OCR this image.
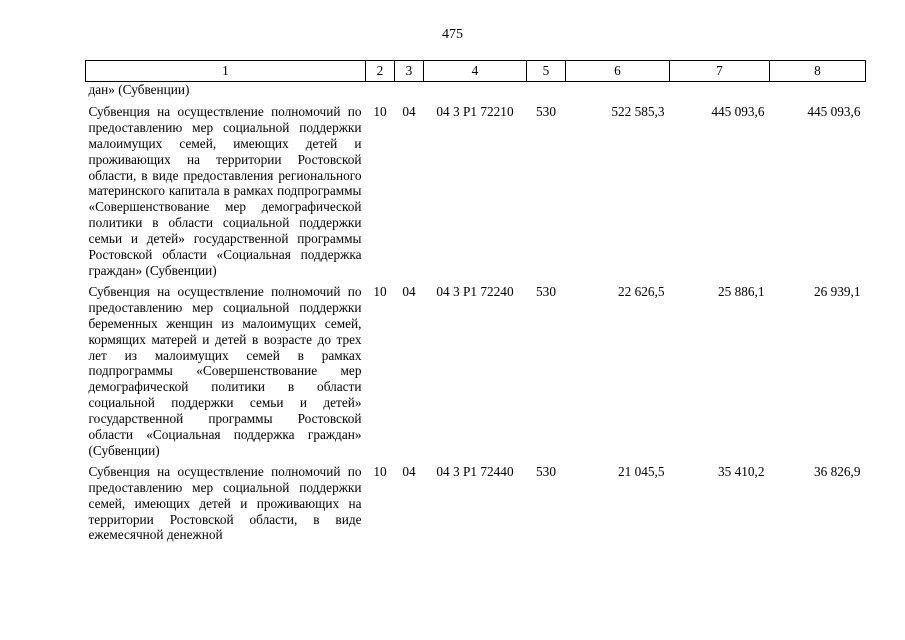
475
1	2	3	4	5	6	7	8
дан» (Субвенции)							
Субвенция на осуществление полномочий по предоставлению мер социальной поддержки малоимущих семей, имеющих детей и проживающих на территории Ростовской области, в виде предоставления регионального материнского капитала в рамках подпрограммы «Совершенствование мер демографической политики в области социальной поддержки семьи и детей» государственной программы Ростовской области «Социальная поддержка граждан» (Субвенции)	10	04	04 3 Р1 72210	530	522 585,3	445 093,6	445 093,6
Субвенция на осуществление полномочий по предоставлению мер социальной поддержки беременных женщин из малоимущих семей, кормящих матерей и детей в возрасте до трех лет из малоимущих семей в рамках подпрограммы «Совершенствование мер демографической политики в области социальной поддержки семьи и детей» государственной программы Ростовской области «Социальная поддержка граждан» (Субвенции)	10	04	04 3 Р1 72240	530	22 626,5	25 886,1	26 939,1
Субвенция на осуществление полномочий по предоставлению мер социальной поддержки семей, имеющих детей и проживающих на территории Ростовской области, в виде ежемесячной денежной	10	04	04 3 Р1 72440	530	21 045,5	35 410,2	36 826,9
